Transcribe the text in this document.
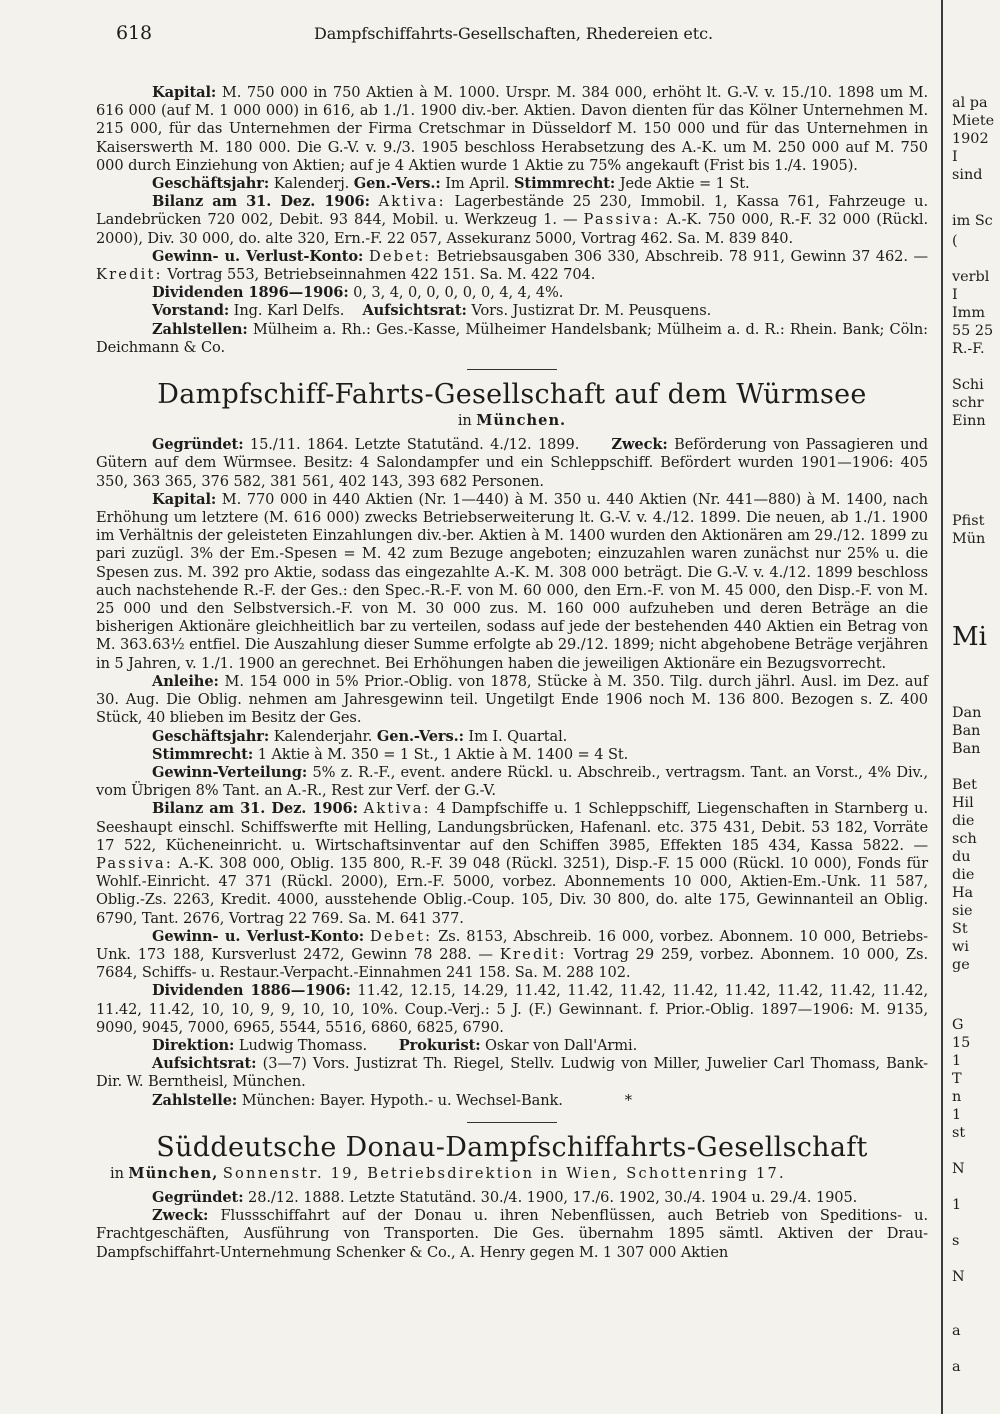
618	Dampfschiffahrts-Gesellschaften, Rhedereien etc.

Kapital: M. 750 000 in 750 Aktien à M. 1000. Urspr. M. 384 000, erhöht lt. G.-V. v. 15./10. 1898 um M. 616 000 (auf M. 1 000 000) in 616, ab 1./1. 1900 div.-ber. Aktien. Davon dienten für das Kölner Unternehmen M. 215 000, für das Unternehmen der Firma Cretschmar in Düsseldorf M. 150 000 und für das Unternehmen in Kaiserswerth M. 180 000. Die G.-V. v. 9./3. 1905 beschloss Herabsetzung des A.-K. um M. 250 000 auf M. 750 000 durch Einziehung von Aktien; auf je 4 Aktien wurde 1 Aktie zu 75% angekauft (Frist bis 1./4. 1905).

Geschäftsjahr: Kalenderj. Gen.-Vers.: Im April. Stimmrecht: Jede Aktie = 1 St.

Bilanz am 31. Dez. 1906: Aktiva: Lagerbestände 25 230, Immobil. 1, Kassa 761, Fahrzeuge u. Landebrücken 720 002, Debit. 93 844, Mobil. u. Werkzeug 1. — Passiva: A.-K. 750 000, R.-F. 32 000 (Rückl. 2000), Div. 30 000, do. alte 320, Ern.-F. 22 057, Assekuranz 5000, Vortrag 462. Sa. M. 839 840.

Gewinn- u. Verlust-Konto: Debet: Betriebsausgaben 306 330, Abschreib. 78 911, Gewinn 37 462. — Kredit: Vortrag 553, Betriebseinnahmen 422 151. Sa. M. 422 704.

Dividenden 1896—1906: 0, 3, 4, 0, 0, 0, 0, 0, 4, 4, 4%.

Vorstand: Ing. Karl Delfs. Aufsichtsrat: Vors. Justizrat Dr. M. Peusquens.

Zahlstellen: Mülheim a. Rh.: Ges.-Kasse, Mülheimer Handelsbank; Mülheim a. d. R.: Rhein. Bank; Cöln: Deichmann & Co.

Dampfschiff-Fahrts-Gesellschaft auf dem Würmsee
in München.

Gegründet: 15./11. 1864. Letzte Statutänd. 4./12. 1899. Zweck: Beförderung von Passagieren und Gütern auf dem Würmsee. Besitz: 4 Salondampfer und ein Schleppschiff. Befördert wurden 1901—1906: 405 350, 363 365, 376 582, 381 561, 402 143, 393 682 Personen.

Kapital: M. 770 000 in 440 Aktien (Nr. 1—440) à M. 350 u. 440 Aktien (Nr. 441—880) à M. 1400, nach Erhöhung um letztere (M. 616 000) zwecks Betriebserweiterung lt. G.-V. v. 4./12. 1899. Die neuen, ab 1./1. 1900 im Verhältnis der geleisteten Einzahlungen div.-ber. Aktien à M. 1400 wurden den Aktionären am 29./12. 1899 zu pari zuzügl. 3% der Em.-Spesen = M. 42 zum Bezuge angeboten; einzuzahlen waren zunächst nur 25% u. die Spesen zus. M. 392 pro Aktie, sodass das eingezahlte A.-K. M. 308 000 beträgt. Die G.-V. v. 4./12. 1899 beschloss auch nachstehende R.-F. der Ges.: den Spec.-R.-F. von M. 60 000, den Ern.-F. von M. 45 000, den Disp.-F. von M. 25 000 und den Selbstversich.-F. von M. 30 000 zus. M. 160 000 aufzuheben und deren Beträge an die bisherigen Aktionäre gleichheitlich bar zu verteilen, sodass auf jede der bestehenden 440 Aktien ein Betrag von M. 363.63½ entfiel. Die Auszahlung dieser Summe erfolgte ab 29./12. 1899; nicht abgehobene Beträge verjähren in 5 Jahren, v. 1./1. 1900 an gerechnet. Bei Erhöhungen haben die jeweiligen Aktionäre ein Bezugsvorrecht.

Anleihe: M. 154 000 in 5% Prior.-Oblig. von 1878, Stücke à M. 350. Tilg. durch jährl. Ausl. im Dez. auf 30. Aug. Die Oblig. nehmen am Jahresgewinn teil. Ungetilgt Ende 1906 noch M. 136 800. Bezogen s. Z. 400 Stück, 40 blieben im Besitz der Ges.

Geschäftsjahr: Kalenderjahr. Gen.-Vers.: Im I. Quartal.

Stimmrecht: 1 Aktie à M. 350 = 1 St., 1 Aktie à M. 1400 = 4 St.

Gewinn-Verteilung: 5% z. R.-F., event. andere Rückl. u. Abschreib., vertragsm. Tant. an Vorst., 4% Div., vom Übrigen 8% Tant. an A.-R., Rest zur Verf. der G.-V.

Bilanz am 31. Dez. 1906: Aktiva: 4 Dampfschiffe u. 1 Schleppschiff, Liegenschaften in Starnberg u. Seeshaupt einschl. Schiffswerfte mit Helling, Landungsbrücken, Hafenanl. etc. 375 431, Debit. 53 182, Vorräte 17 522, Kücheneinricht. u. Wirtschaftsinventar auf den Schiffen 3985, Effekten 185 434, Kassa 5822. — Passiva: A.-K. 308 000, Oblig. 135 800, R.-F. 39 048 (Rückl. 3251), Disp.-F. 15 000 (Rückl. 10 000), Fonds für Wohlf.-Einricht. 47 371 (Rückl. 2000), Ern.-F. 5000, vorbez. Abonnements 10 000, Aktien-Em.-Unk. 11 587, Oblig.-Zs. 2263, Kredit. 4000, ausstehende Oblig.-Coup. 105, Div. 30 800, do. alte 175, Gewinnanteil an Oblig. 6790, Tant. 2676, Vortrag 22 769. Sa. M. 641 377.

Gewinn- u. Verlust-Konto: Debet: Zs. 8153, Abschreib. 16 000, vorbez. Abonnem. 10 000, Betriebs-Unk. 173 188, Kursverlust 2472, Gewinn 78 288. — Kredit: Vortrag 29 259, vorbez. Abonnem. 10 000, Zs. 7684, Schiffs- u. Restaur.-Verpacht.-Einnahmen 241 158. Sa. M. 288 102.

Dividenden 1886—1906: 11.42, 12.15, 14.29, 11.42, 11.42, 11.42, 11.42, 11.42, 11.42, 11.42, 11.42, 11.42, 11.42, 10, 10, 9, 9, 10, 10, 10%. Coup.-Verj.: 5 J. (F.) Gewinnant. f. Prior.-Oblig. 1897—1906: M. 9135, 9090, 9045, 7000, 6965, 5544, 5516, 6860, 6825, 6790.

Direktion: Ludwig Thomass. Prokurist: Oskar von Dall'Armi.

Aufsichtsrat: (3—7) Vors. Justizrat Th. Riegel, Stellv. Ludwig von Miller, Juwelier Carl Thomass, Bank-Dir. W. Berntheisl, München.

Zahlstelle: München: Bayer. Hypoth.- u. Wechsel-Bank.	*

Süddeutsche Donau-Dampfschiffahrts-Gesellschaft
in München, Sonnenstr. 19, Betriebsdirektion in Wien, Schottenring 17.

Gegründet: 28./12. 1888. Letzte Statutänd. 30./4. 1900, 17./6. 1902, 30./4. 1904 u. 29./4. 1905.

Zweck: Flussschiffahrt auf der Donau u. ihren Nebenflüssen, auch Betrieb von Speditions- u. Frachtgeschäften, Ausführung von Transporten. Die Ges. übernahm 1895 sämtl. Aktiven der Drau-Dampfschiffahrt-Unternehmung Schenker & Co., A. Henry gegen M. 1 307 000 Aktien

al pa
Miete
1902
I
sind
im Sc
(
verbl
I
Imm
55 25
R.-F.
Schi
schr
Einn
Pfist
Mün
Mi
Dan
Ban
Ban
Bet
Hil
die
sch
du
die
Ha
sie
St
wi
ge
G
15
1
T
n
1
st
N
1
s
N
a
a
